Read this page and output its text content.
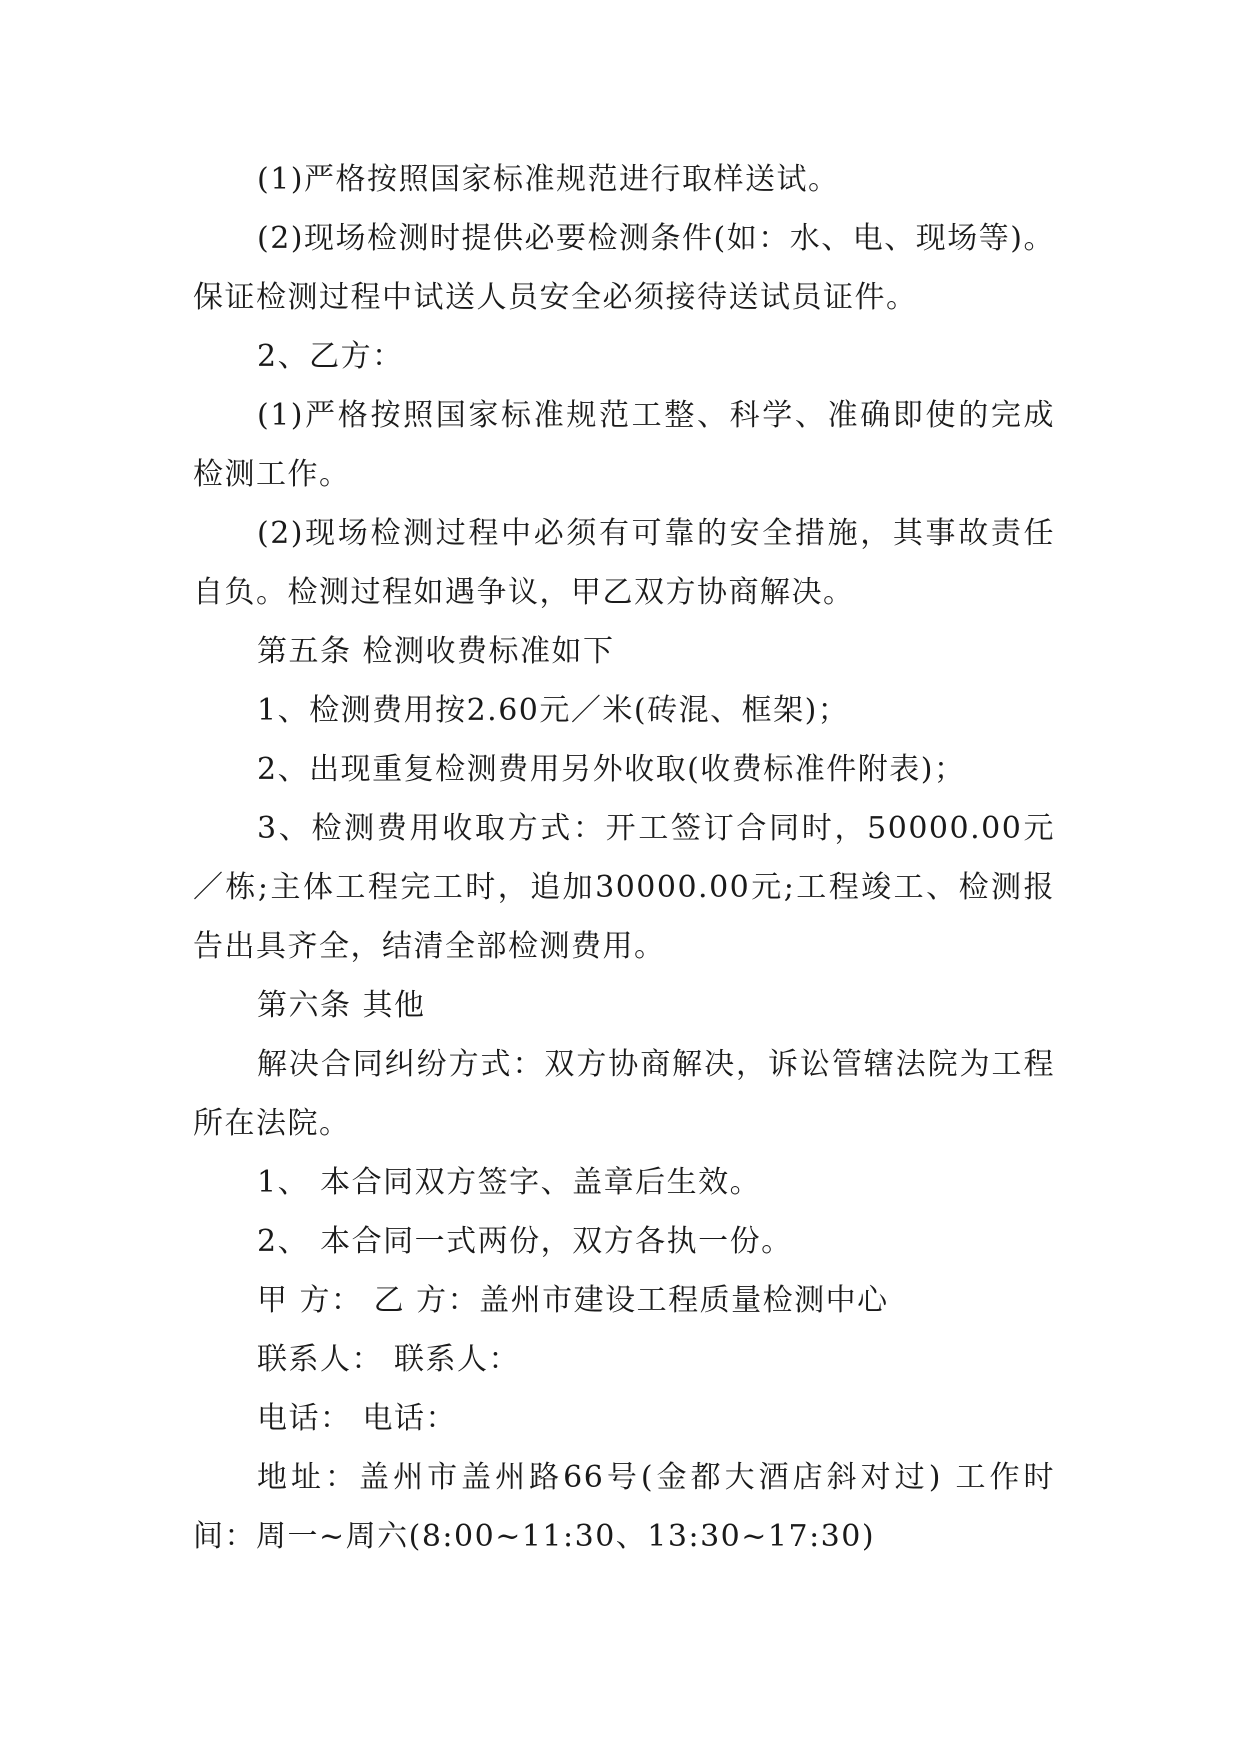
(1)严格按照国家标准规范进行取样送试。

(2)现场检测时提供必要检测条件(如：水、电、现场等)。保证检测过程中试送人员安全必须接待送试员证件。

2、乙方：

(1)严格按照国家标准规范工整、科学、准确即使的完成检测工作。

(2)现场检测过程中必须有可靠的安全措施，其事故责任自负。检测过程如遇争议，甲乙双方协商解决。

第五条 检测收费标准如下

1、检测费用按2.60元／米(砖混、框架)；

2、出现重复检测费用另外收取(收费标准件附表)；

3、检测费用收取方式：开工签订合同时，50000.00元／栋;主体工程完工时，追加30000.00元;工程竣工、检测报告出具齐全，结清全部检测费用。

第六条 其他

解决合同纠纷方式：双方协商解决，诉讼管辖法院为工程所在法院。

1、 本合同双方签字、盖章后生效。

2、 本合同一式两份，双方各执一份。

甲 方： 乙 方：盖州市建设工程质量检测中心

联系人： 联系人：

电话： 电话：

地址：盖州市盖州路66号(金都大酒店斜对过) 工作时间：周一~周六(8:00~11:30、13:30~17:30)
